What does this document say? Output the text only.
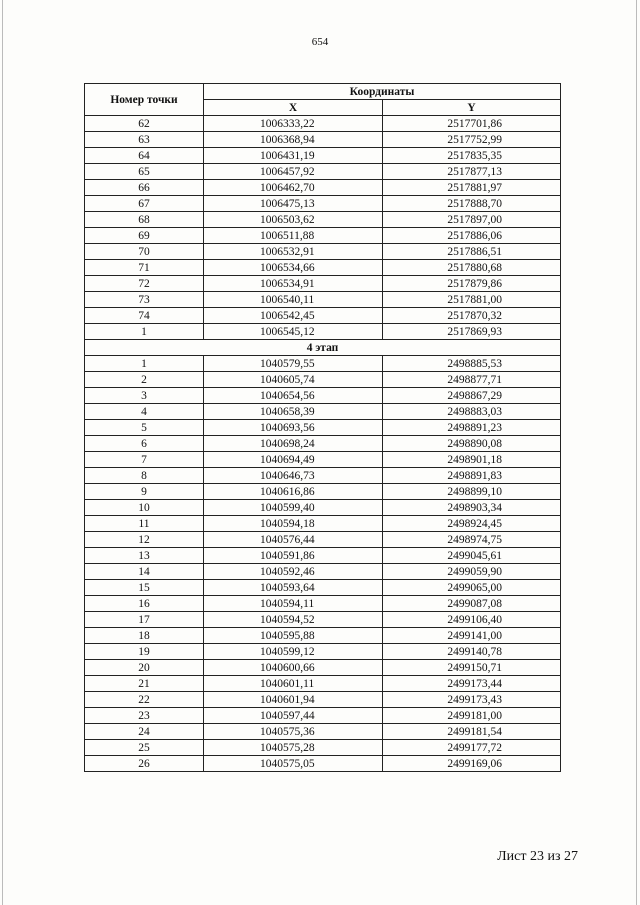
654
Номер точки	Координаты	
	X	Y
62	1006333,22	2517701,86
63	1006368,94	2517752,99
64	1006431,19	2517835,35
65	1006457,92	2517877,13
66	1006462,70	2517881,97
67	1006475,13	2517888,70
68	1006503,62	2517897,00
69	1006511,88	2517886,06
70	1006532,91	2517886,51
71	1006534,66	2517880,68
72	1006534,91	2517879,86
73	1006540,11	2517881,00
74	1006542,45	2517870,32
1	1006545,12	2517869,93
4 этап		
1	1040579,55	2498885,53
2	1040605,74	2498877,71
3	1040654,56	2498867,29
4	1040658,39	2498883,03
5	1040693,56	2498891,23
6	1040698,24	2498890,08
7	1040694,49	2498901,18
8	1040646,73	2498891,83
9	1040616,86	2498899,10
10	1040599,40	2498903,34
11	1040594,18	2498924,45
12	1040576,44	2498974,75
13	1040591,86	2499045,61
14	1040592,46	2499059,90
15	1040593,64	2499065,00
16	1040594,11	2499087,08
17	1040594,52	2499106,40
18	1040595,88	2499141,00
19	1040599,12	2499140,78
20	1040600,66	2499150,71
21	1040601,11	2499173,44
22	1040601,94	2499173,43
23	1040597,44	2499181,00
24	1040575,36	2499181,54
25	1040575,28	2499177,72
26	1040575,05	2499169,06
Лист 23 из 27
